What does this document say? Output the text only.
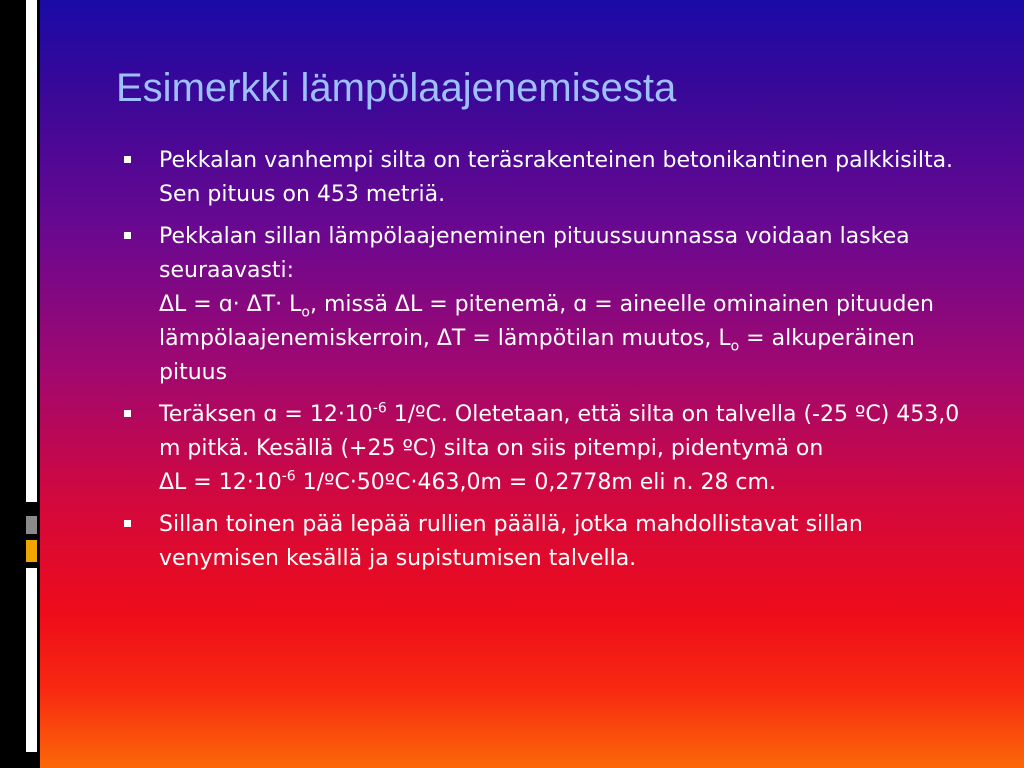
Esimerkki lämpölaajenemisesta
Pekkalan vanhempi silta on teräsrakenteinen betonikantinen palkkisilta. Sen pituus on 453 metriä.
Pekkalan sillan lämpölaajeneminen pituussuunnassa voidaan laskea seuraavasti:
ΔL = ɑ· $\Delta T\cdot L_o$, missä ΔL = pitenemä, ɑ = aineelle ominainen pituuden lämpölaajenemiskerroin, ΔT = lämpötilan muutos, $L_o$ = alkuperäinen pituus
Teräksen ɑ = $12\cdot 10^{-6}$ 1/ºC. Oletetaan, että silta on talvella (-25 ºC) 453,0 m pitkä. Kesällä (+25 ºC) silta on siis pitempi, pidentymä on
$\Delta L = 12\cdot 10^{-6}$ 1/ºC·50ºC·463,0m = 0,2778m eli n. 28 cm.
Sillan toinen pää lepää rullien päällä, jotka mahdollistavat sillan venymisen kesällä ja supistumisen talvella.
